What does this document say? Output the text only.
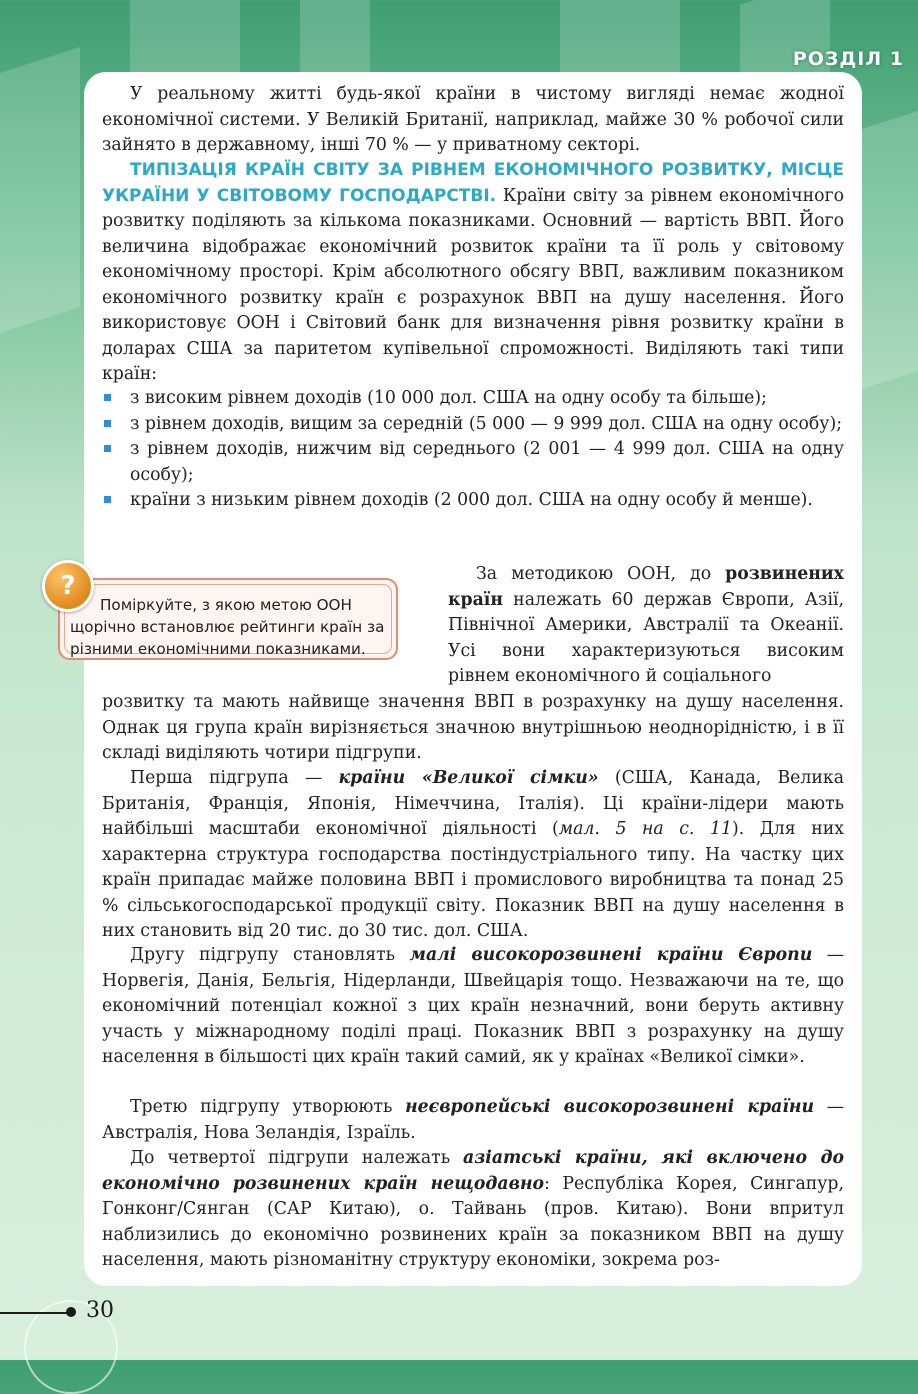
РОЗДІЛ 1

У реальному житті будь-якої країни в чистому вигляді немає жодної економічної системи. У Великій Британії, наприклад, майже 30 % робочої сили зайнято в державному, інші 70 % — у приватному секторі.

ТИПІЗАЦІЯ КРАЇН СВІТУ ЗА РІВНЕМ ЕКОНОМІЧНОГО РОЗВИТКУ, МІСЦЕ УКРАЇНИ У СВІТОВОМУ ГОСПОДАРСТВІ. Країни світу за рівнем економічного розвитку поділяють за кількома показниками. Основний — вартість ВВП. Його величина відображає економічний розвиток країни та її роль у світовому економічному просторі. Крім абсолютного обсягу ВВП, важливим показником економічного розвитку країн є розрахунок ВВП на душу населення. Його використовує ООН і Світовий банк для визначення рівня розвитку країни в доларах США за паритетом купівельної спроможності. Виділяють такі типи країн:

з високим рівнем доходів (10 000 дол. США на одну особу та більше);
з рівнем доходів, вищим за середній (5 000 — 9 999 дол. США на одну особу);
з рівнем доходів, нижчим від середнього (2 001 — 4 999 дол. США на одну особу);
країни з низьким рівнем доходів (2 000 дол. США на одну особу й менше).

Поміркуйте, з якою метою ООН щорічно встановлює рейтинги країн за різними економічними показниками.

?	За методикою ООН, до розвинених країн належать 60 держав Європи, Азії, Північної Америки, Австралії та Океанії. Усі вони характеризуються високим рівнем економічного й соціального

розвитку та мають найвище значення ВВП в розрахунку на душу населення. Однак ця група країн вирізняється значною внутрішньою неоднорідністю, і в її складі виділяють чотири підгрупи.

Перша підгрупа — країни «Великої сімки» (США, Канада, Велика Британія, Франція, Японія, Німеччина, Італія). Ці країни-лідери мають найбільші масштаби економічної діяльності (мал. 5 на с. 11). Для них характерна структура господарства постіндустріального типу. На частку цих країн припадає майже половина ВВП і промислового виробництва та понад 25 % сільськогосподарської продукції світу. Показник ВВП на душу населення в них становить від 20 тис. до 30 тис. дол. США.

Другу підгрупу становлять малі високорозвинені країни Європи — Норвегія, Данія, Бельгія, Нідерланди, Швейцарія тощо. Незважаючи на те, що економічний потенціал кожної з цих країн незначний, вони беруть активну участь у міжнародному поділі праці. Показник ВВП з розрахунку на душу населення в більшості цих країн такий самий, як у країнах «Великої сімки».

Третю підгрупу утворюють неєвропейські високорозвинені країни — Австралія, Нова Зеландія, Ізраїль.

До четвертої підгрупи належать азіатські країни, які включено до економічно розвинених країн нещодавно: Республіка Корея, Сингапур, Гонконг/Сянган (САР Китаю), о. Тайвань (пров. Китаю). Вони впритул наблизились до економічно розвинених країн за показником ВВП на душу населення, мають різноманітну структуру економіки, зокрема роз-

30
